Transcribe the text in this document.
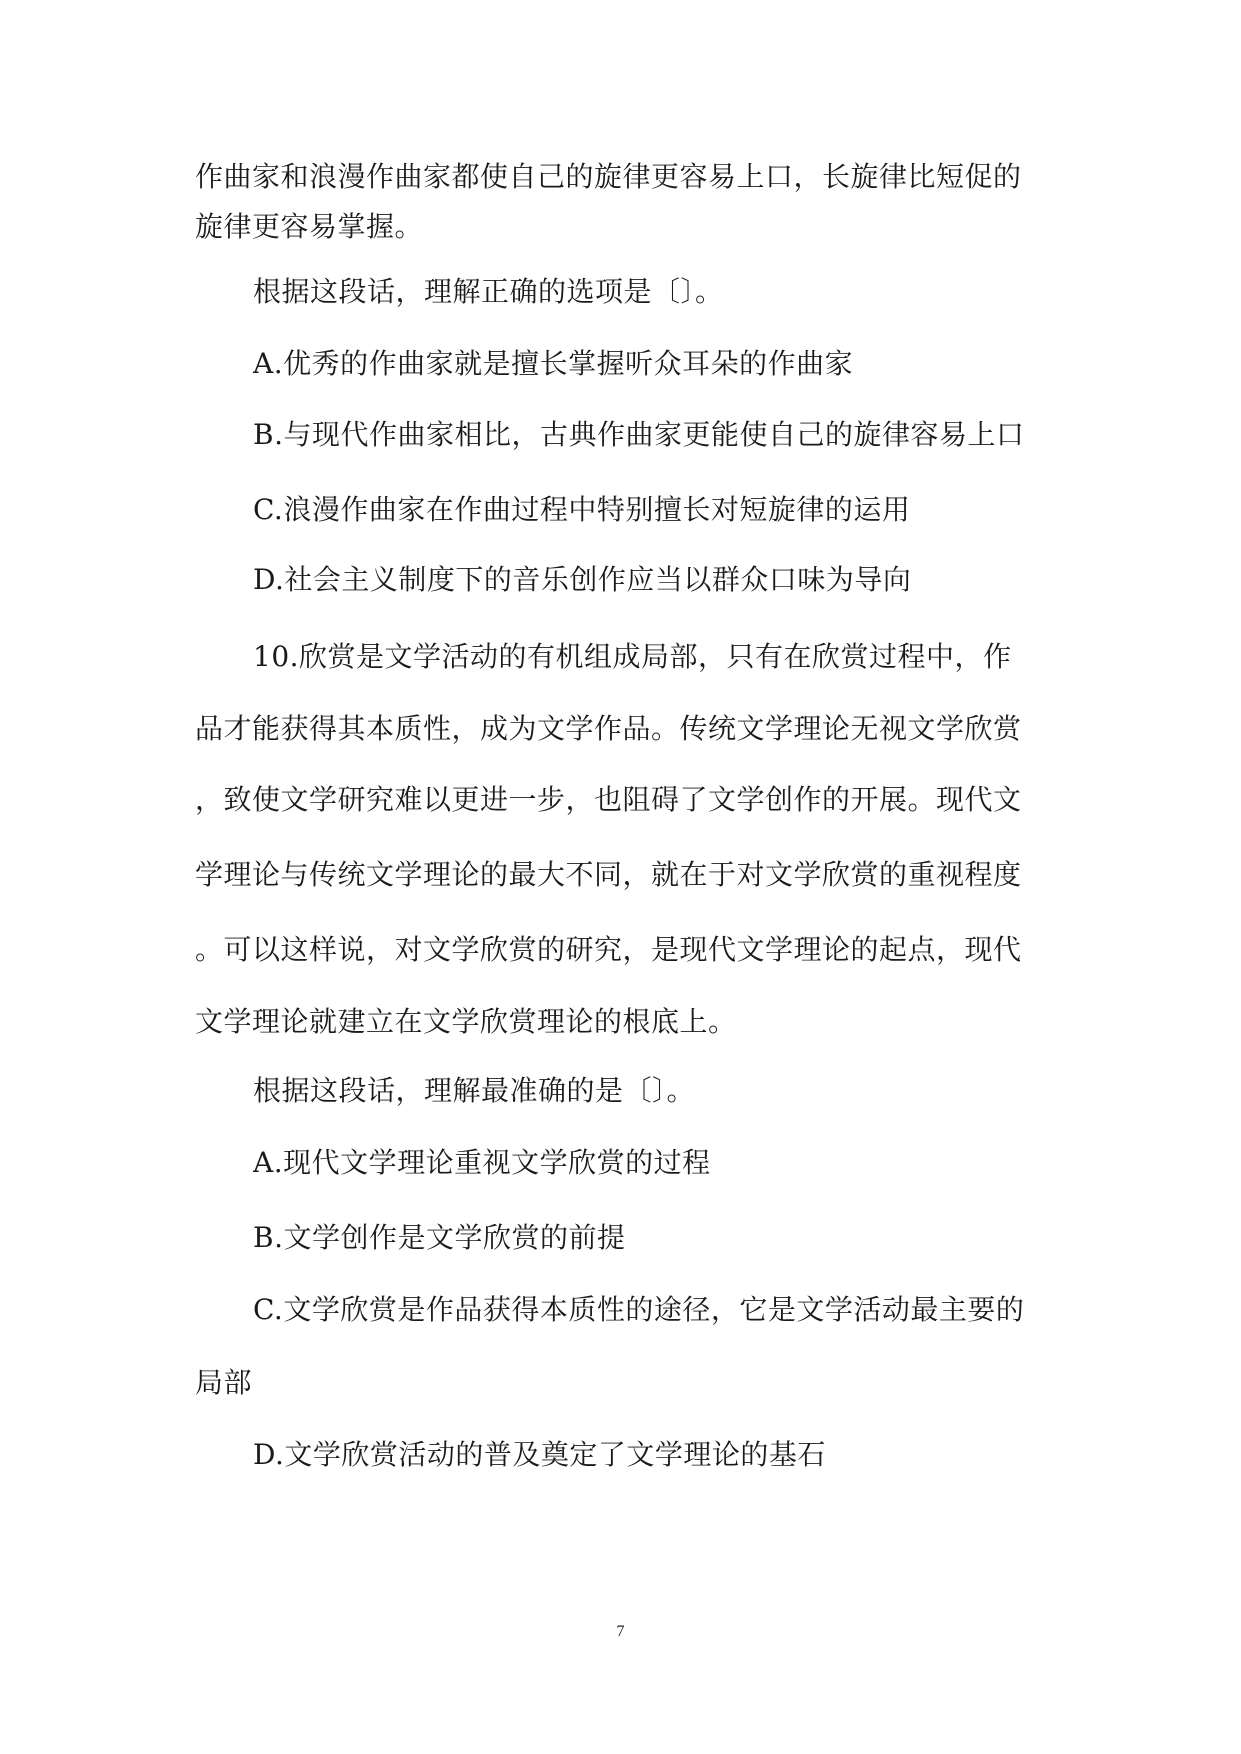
作曲家和浪漫作曲家都使自己的旋律更容易上口，长旋律比短促的

旋律更容易掌握。

根据这段话，理解正确的选项是〔〕。

A.优秀的作曲家就是擅长掌握听众耳朵的作曲家

B.与现代作曲家相比，古典作曲家更能使自己的旋律容易上口

C.浪漫作曲家在作曲过程中特别擅长对短旋律的运用

D.社会主义制度下的音乐创作应当以群众口味为导向

10.欣赏是文学活动的有机组成局部，只有在欣赏过程中，作

品才能获得其本质性，成为文学作品。传统文学理论无视文学欣赏

，致使文学研究难以更进一步，也阻碍了文学创作的开展。现代文

学理论与传统文学理论的最大不同，就在于对文学欣赏的重视程度

。可以这样说，对文学欣赏的研究，是现代文学理论的起点，现代

文学理论就建立在文学欣赏理论的根底上。

根据这段话，理解最准确的是〔〕。

A.现代文学理论重视文学欣赏的过程

B.文学创作是文学欣赏的前提

C.文学欣赏是作品获得本质性的途径，它是文学活动最主要的

局部

D.文学欣赏活动的普及奠定了文学理论的基石

7
